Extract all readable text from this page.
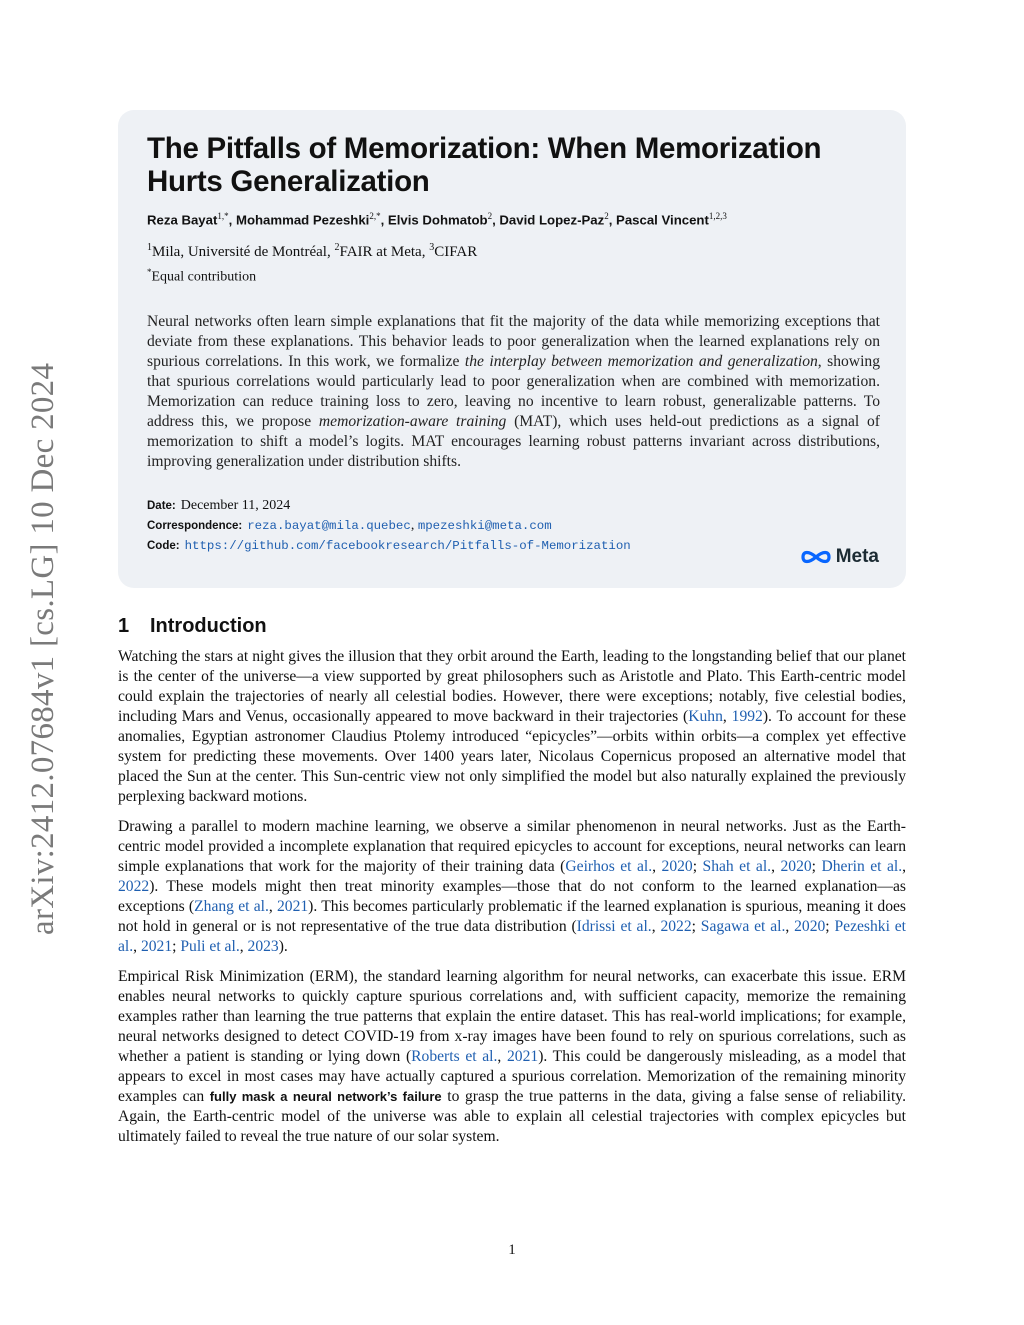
arXiv:2412.07684v1 [cs.LG] 10 Dec 2024
The Pitfalls of Memorization: When Memorization Hurts Generalization
Reza Bayat$^{1,*}$, Mohammad Pezeshki$^{2,*}$, Elvis Dohmatob$^2$, David Lopez-Paz$^2$, Pascal Vincent$^{1,2,3}$
$^1$Mila, Université de Montréal, $^2$FAIR at Meta, $^3$CIFAR
*Equal contribution
Neural networks often learn simple explanations that fit the majority of the data while memorizing exceptions that deviate from these explanations. This behavior leads to poor generalization when the learned explanations rely on spurious correlations. In this work, we formalize the interplay between memorization and generalization, showing that spurious correlations would particularly lead to poor generalization when are combined with memorization. Memorization can reduce training loss to zero, leaving no incentive to learn robust, generalizable patterns. To address this, we propose memorization-aware training (MAT), which uses held-out predictions as a signal of memorization to shift a model’s logits. MAT encourages learning robust patterns invariant across distributions, improving generalization under distribution shifts.
Date: December 11, 2024
Correspondence: reza.bayat@mila.quebec, mpezeshki@meta.com
Code: https://github.com/facebookresearch/Pitfalls-of-Memorization	Meta
1 Introduction

Watching the stars at night gives the illusion that they orbit around the Earth, leading to the longstanding belief that our planet is the center of the universe—a view supported by great philosophers such as Aristotle and Plato. This Earth-centric model could explain the trajectories of nearly all celestial bodies. However, there were exceptions; notably, five celestial bodies, including Mars and Venus, occasionally appeared to move backward in their trajectories (Kuhn, 1992). To account for these anomalies, Egyptian astronomer Claudius Ptolemy introduced “epicycles”—orbits within orbits—a complex yet effective system for predicting these movements. Over 1400 years later, Nicolaus Copernicus proposed an alternative model that placed the Sun at the center. This Sun-centric view not only simplified the model but also naturally explained the previously perplexing backward motions.

Drawing a parallel to modern machine learning, we observe a similar phenomenon in neural networks. Just as the Earth-centric model provided a incomplete explanation that required epicycles to account for exceptions, neural networks can learn simple explanations that work for the majority of their training data (Geirhos et al., 2020; Shah et al., 2020; Dherin et al., 2022). These models might then treat minority examples—those that do not conform to the learned explanation—as exceptions (Zhang et al., 2021). This becomes particularly problematic if the learned explanation is spurious, meaning it does not hold in general or is not representative of the true data distribution (Idrissi et al., 2022; Sagawa et al., 2020; Pezeshki et al., 2021; Puli et al., 2023).

Empirical Risk Minimization (ERM), the standard learning algorithm for neural networks, can exacerbate this issue. ERM enables neural networks to quickly capture spurious correlations and, with sufficient capacity, memorize the remaining examples rather than learning the true patterns that explain the entire dataset. This has real-world implications; for example, neural networks designed to detect COVID-19 from x-ray images have been found to rely on spurious correlations, such as whether a patient is standing or lying down (Roberts et al., 2021). This could be dangerously misleading, as a model that appears to excel in most cases may have actually captured a spurious correlation. Memorization of the remaining minority examples can fully mask a neural network’s failure to grasp the true patterns in the data, giving a false sense of reliability. Again, the Earth-centric model of the universe was able to explain all celestial trajectories with complex epicycles but ultimately failed to reveal the true nature of our solar system.

1
